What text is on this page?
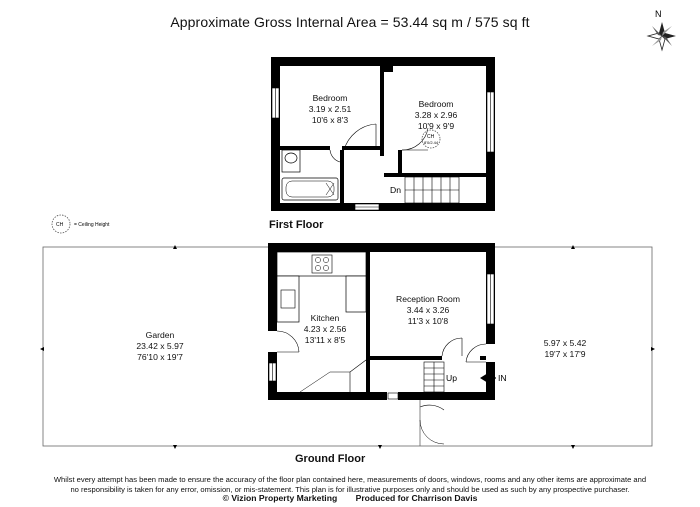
Approximate Gross Internal Area = 53.44 sq m / 575 sq ft	N
CH = Ceiling Height
CH
8'0/2.44
Dn
Up	IN
Bedroom
3.19 x 2.51
10'6 x 8'3
Bedroom
3.28 x 2.96
10'9 x 9'9
First Floor
Garden
23.42 x 5.97
76'10 x 19'7
Kitchen
4.23 x 2.56
13'11 x 8'5
Reception Room
3.44 x 3.26
11'3 x 10'8
5.97 x 5.42
19'7 x 17'9
Ground Floor
Whilst every attempt has been made to ensure the accuracy of the floor plan contained here, measurements of doors, windows, rooms and any other items are approximate and
no responsibility is taken for any error, omission, or mis-statement. This plan is for illustrative purposes only and should be used as such by any prospective purchaser.
© Vizion Property Marketing Produced for Charrison Davis
